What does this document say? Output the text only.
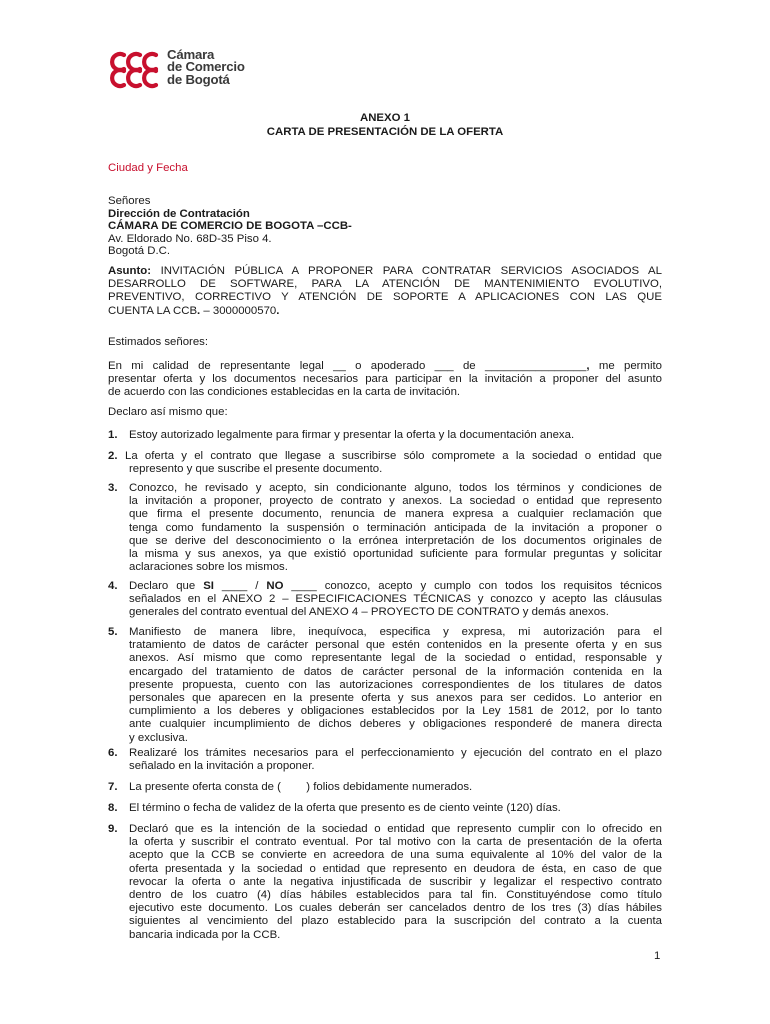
Cámara
de Comercio
de Bogotá
ANEXO 1
CARTA DE PRESENTACIÓN DE LA OFERTA
Ciudad y Fecha
Señores
Dirección de Contratación
CÁMARA DE COMERCIO DE BOGOTA –CCB-
Av. Eldorado No. 68D-35 Piso 4.
Bogotá D.C.
Asunto: INVITACIÓN PÚBLICA A PROPONER PARA CONTRATAR SERVICIOS ASOCIADOS AL
DESARROLLO DE SOFTWARE, PARA LA ATENCIÓN DE MANTENIMIENTO EVOLUTIVO,
PREVENTIVO, CORRECTIVO Y ATENCIÓN DE SOPORTE A APLICACIONES CON LAS QUE
CUENTA LA CCB. – 3000000570.
Estimados señores:
En mi calidad de representante legal __ o apoderado ___ de ________________, me permito
presentar oferta y los documentos necesarios para participar en la invitación a proponer del asunto
de acuerdo con las condiciones establecidas en la carta de invitación.
Declaro así mismo que:
1. Estoy autorizado legalmente para firmar y presentar la oferta y la documentación anexa.
2. La oferta y el contrato que llegase a suscribirse sólo compromete a la sociedad o entidad que
represento y que suscribe el presente documento.
3. Conozco, he revisado y acepto, sin condicionante alguno, todos los términos y condiciones de
la invitación a proponer, proyecto de contrato y anexos. La sociedad o entidad que represento
que firma el presente documento, renuncia de manera expresa a cualquier reclamación que
tenga como fundamento la suspensión o terminación anticipada de la invitación a proponer o
que se derive del desconocimiento o la errónea interpretación de los documentos originales de
la misma y sus anexos, ya que existió oportunidad suficiente para formular preguntas y solicitar
aclaraciones sobre los mismos.
4. Declaro que SI ____ / NO ____ conozco, acepto y cumplo con todos los requisitos técnicos
señalados en el ANEXO 2 – ESPECIFICACIONES TÉCNICAS y conozco y acepto las cláusulas
generales del contrato eventual del ANEXO 4 – PROYECTO DE CONTRATO y demás anexos.
5. Manifiesto de manera libre, inequívoca, especifica y expresa, mi autorización para el
tratamiento de datos de carácter personal que estén contenidos en la presente oferta y en sus
anexos. Así mismo que como representante legal de la sociedad o entidad, responsable y
encargado del tratamiento de datos de carácter personal de la información contenida en la
presente propuesta, cuento con las autorizaciones correspondientes de los titulares de datos
personales que aparecen en la presente oferta y sus anexos para ser cedidos. Lo anterior en
cumplimiento a los deberes y obligaciones establecidos por la Ley 1581 de 2012, por lo tanto
ante cualquier incumplimiento de dichos deberes y obligaciones responderé de manera directa
y exclusiva.
6. Realizaré los trámites necesarios para el perfeccionamiento y ejecución del contrato en el plazo
señalado en la invitación a proponer.
7. La presente oferta consta de (        ) folios debidamente numerados.
8. El término o fecha de validez de la oferta que presento es de ciento veinte (120) días.
9. Declaró que es la intención de la sociedad o entidad que represento cumplir con lo ofrecido en
la oferta y suscribir el contrato eventual. Por tal motivo con la carta de presentación de la oferta
acepto que la CCB se convierte en acreedora de una suma equivalente al 10% del valor de la
oferta presentada y la sociedad o entidad que represento en deudora de ésta, en caso de que
revocar la oferta o ante la negativa injustificada de suscribir y legalizar el respectivo contrato
dentro de los cuatro (4) días hábiles establecidos para tal fin. Constituyéndose como título
ejecutivo este documento. Los cuales deberán ser cancelados dentro de los tres (3) días hábiles
siguientes al vencimiento del plazo establecido para la suscripción del contrato a la cuenta
bancaria indicada por la CCB.
1
